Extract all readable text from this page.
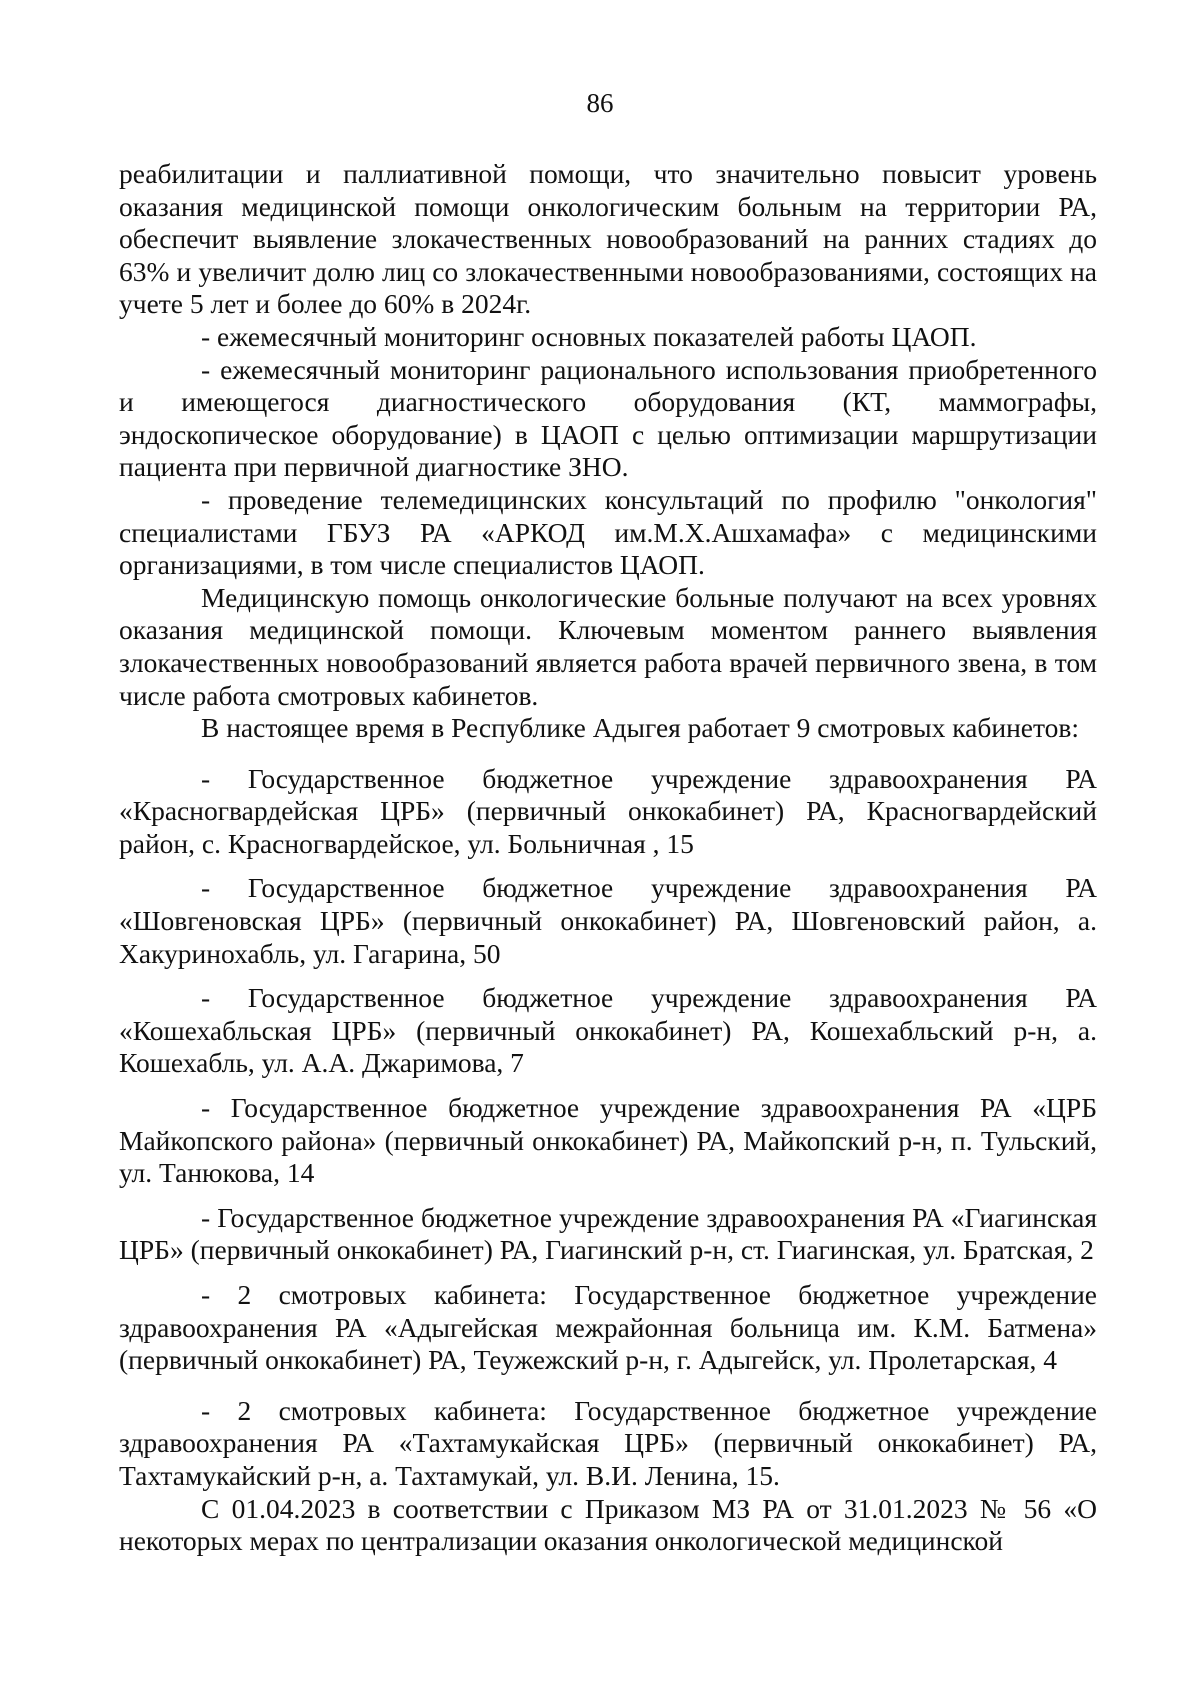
86

реабилитации и паллиативной помощи, что значительно повысит уровень оказания медицинской помощи онкологическим больным на территории РА, обеспечит выявление злокачественных новообразований на ранних стадиях до 63% и увеличит долю лиц со злокачественными новообразованиями, состоящих на учете 5 лет и более до 60% в 2024г.

- ежемесячный мониторинг основных показателей работы ЦАОП.

- ежемесячный мониторинг рационального использования приобретенного и имеющегося диагностического оборудования (КТ, маммографы, эндоскопическое оборудование) в ЦАОП с целью оптимизации маршрутизации пациента при первичной диагностике ЗНО.

- проведение телемедицинских консультаций по профилю "онкология" специалистами ГБУЗ РА «АРКОД им.М.Х.Ашхамафа» с медицинскими организациями, в том числе специалистов ЦАОП.

Медицинскую помощь онкологические больные получают на всех уровнях оказания медицинской помощи. Ключевым моментом раннего выявления злокачественных новообразований является работа врачей первичного звена, в том числе работа смотровых кабинетов.

В настоящее время в Республике Адыгея работает 9 смотровых кабинетов:

- Государственное бюджетное учреждение здравоохранения РА «Красногвардейская ЦРБ» (первичный онкокабинет) РА, Красногвардейский район, с. Красногвардейское, ул. Больничная , 15

- Государственное бюджетное учреждение здравоохранения РА «Шовгеновская ЦРБ» (первичный онкокабинет) РА, Шовгеновский район, а. Хакуринохабль, ул. Гагарина, 50

- Государственное бюджетное учреждение здравоохранения РА «Кошехабльская ЦРБ» (первичный онкокабинет) РА, Кошехабльский р-н, а. Кошехабль, ул. А.А. Джаримова, 7

- Государственное бюджетное учреждение здравоохранения РА «ЦРБ Майкопского района» (первичный онкокабинет) РА, Майкопский р-н, п. Тульский, ул. Танюкова, 14

- Государственное бюджетное учреждение здравоохранения РА «Гиагинская ЦРБ» (первичный онкокабинет) РА, Гиагинский р-н, ст. Гиагинская, ул. Братская, 2

- 2 смотровых кабинета: Государственное бюджетное учреждение здравоохранения РА «Адыгейская межрайонная больница им. К.М. Батмена» (первичный онкокабинет) РА, Теужежский р-н, г. Адыгейск, ул. Пролетарская, 4

- 2 смотровых кабинета: Государственное бюджетное учреждение здравоохранения РА «Тахтамукайская ЦРБ» (первичный онкокабинет) РА, Тахтамукайский р-н, а. Тахтамукай, ул. В.И. Ленина, 15.

С 01.04.2023 в соответствии с Приказом МЗ РА от 31.01.2023 № 56 «О некоторых мерах по централизации оказания онкологической медицинской
